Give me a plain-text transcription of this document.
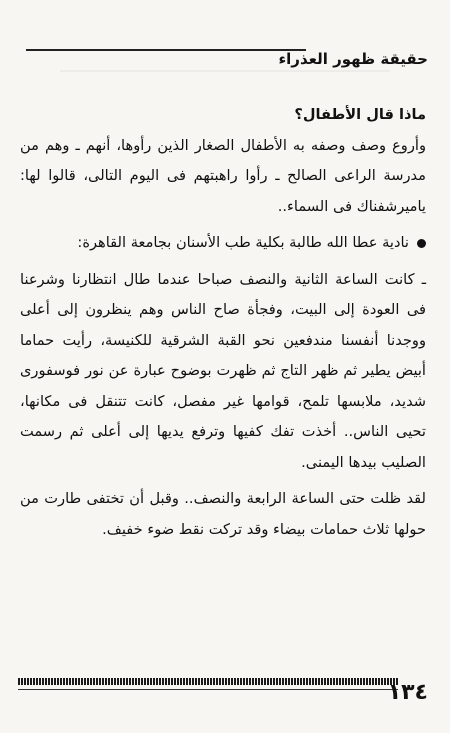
حقيقة ظهور العذراء

ماذا قال الأطفال؟

وأروع وصف وصفه به الأطفال الصغار الذين رأوها، أنهم ـ وهم من مدرسة الراعى الصالح ـ رأوا راهبتهم فى اليوم التالى، قالوا لها: ياميرشفناك فى السماء..

نادية عطا الله طالبة بكلية طب الأسنان بجامعة القاهرة:

ـ كانت الساعة الثانية والنصف صباحا عندما طال انتظارنا وشرعنا فى العودة إلى البيت، وفجأة صاح الناس وهم ينظرون إلى أعلى ووجدنا أنفسنا مندفعين نحو القبة الشرقية للكنيسة، رأيت حماما أبيض يطير ثم ظهر التاج ثم ظهرت بوضوح عبارة عن نور فوسفورى شديد، ملابسها تلمح، قوامها غير مفصل، كانت تتنقل فى مكانها، تحيى الناس.. أخذت تفك كفيها وترفع يديها إلى أعلى ثم رسمت الصليب بيدها اليمنى.

لقد ظلت حتى الساعة الرابعة والنصف.. وقبل أن تختفى طارت من حولها ثلاث حمامات بيضاء وقد تركت نقط ضوء خفيف.

١٣٤
